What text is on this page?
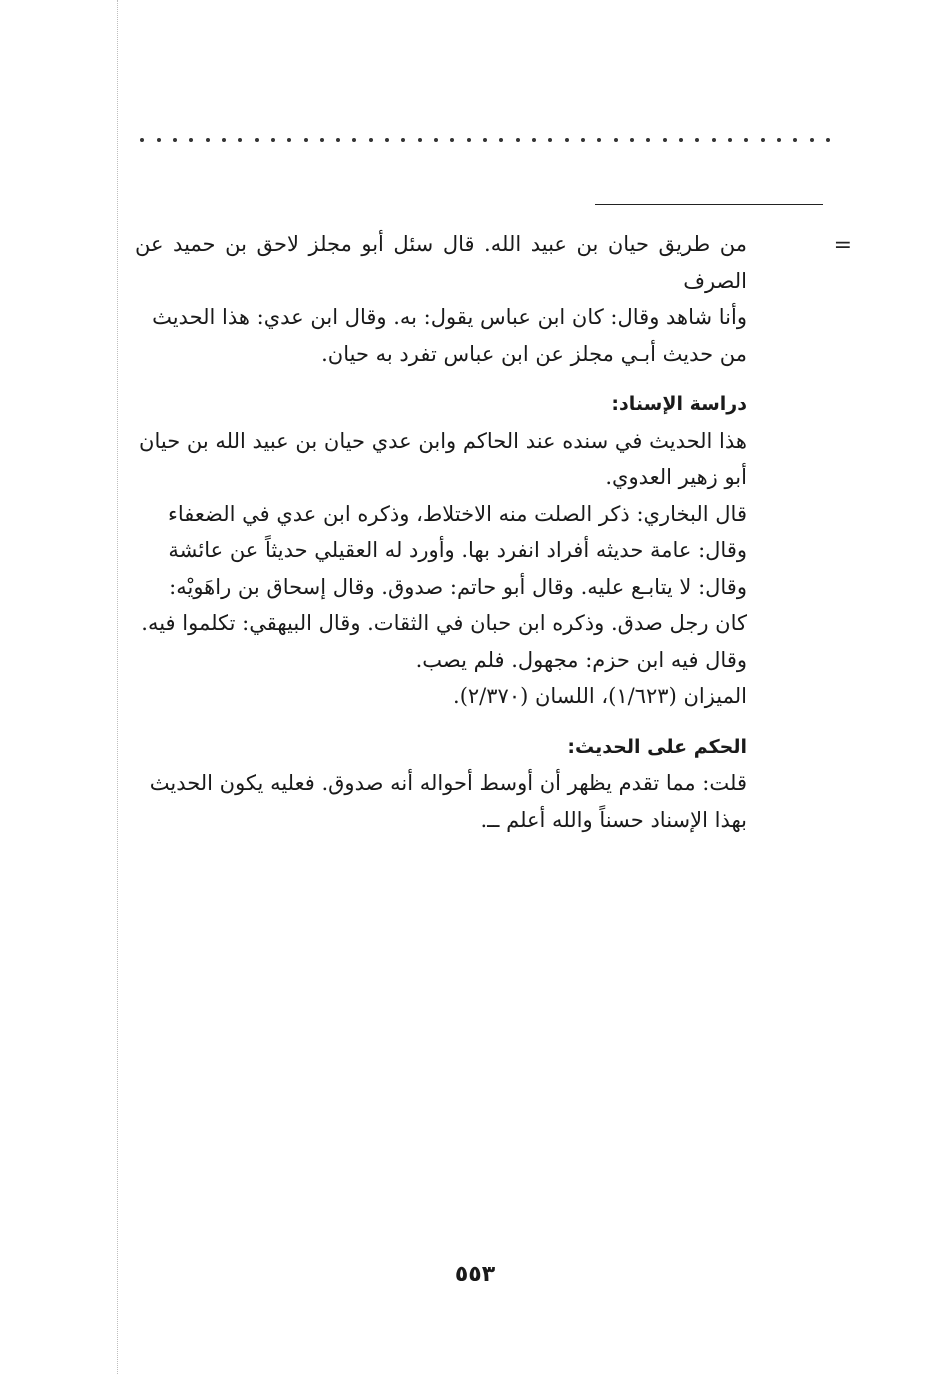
=

من طريق حيان بن عبيد الله. قال سئل أبو مجلز لاحق بن حميد عن الصرف

وأنا شاهد وقال: كان ابن عباس يقول: به. وقال ابن عدي: هذا الحديث

من حديث أبـي مجلز عن ابن عباس تفرد به حيان.

دراسة الإسناد:

هذا الحديث في سنده عند الحاكم وابن عدي حيان بن عبيد الله بن حيان

أبو زهير العدوي.

قال البخاري: ذكر الصلت منه الاختلاط، وذكره ابن عدي في الضعفاء

وقال: عامة حديثه أفراد انفرد بها. وأورد له العقيلي حديثاً عن عائشة

وقال: لا يتابـع عليه. وقال أبو حاتم: صدوق. وقال إسحاق بن راهَويْه:

كان رجل صدق. وذكره ابن حبان في الثقات. وقال البيهقي: تكلموا فيه.

وقال فيه ابن حزم: مجهول. فلم يصب.

الميزان (١/٦٢٣)، اللسان (٢/٣٧٠).

الحكم على الحديث:

قلت: مما تقدم يظهر أن أوسط أحواله أنه صدوق. فعليه يكون الحديث

بهذا الإسناد حسناً والله أعلم ــ.

٥٥٣
